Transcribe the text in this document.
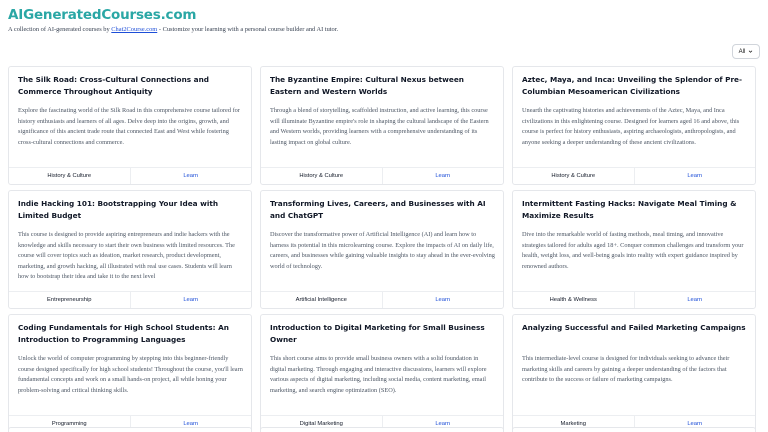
AIGeneratedCourses.com
A collection of AI-generated courses by Chat2Course.com - Customize your learning with a personal course builder and AI tutor.
All
The Silk Road: Cross-Cultural Connections and Commerce Throughout Antiquity
Explore the fascinating world of the Silk Road in this comprehensive course tailored for history enthusiasts and learners of all ages. Delve deep into the origins, growth, and significance of this ancient trade route that connected East and West while fostering cross-cultural connections and commerce.
History & Culture	Learn
The Byzantine Empire: Cultural Nexus between Eastern and Western Worlds
Through a blend of storytelling, scaffolded instruction, and active learning, this course will illuminate Byzantine empire's role in shaping the cultural landscape of the Eastern and Western worlds, providing learners with a comprehensive understanding of its lasting impact on global culture.
History & Culture	Learn
Aztec, Maya, and Inca: Unveiling the Splendor of Pre-Columbian Mesoamerican Civilizations
Unearth the captivating histories and achievements of the Aztec, Maya, and Inca civilizations in this enlightening course. Designed for learners aged 16 and above, this course is perfect for history enthusiasts, aspiring archaeologists, anthropologists, and anyone seeking a deeper understanding of these ancient civilizations.
History & Culture	Learn
Indie Hacking 101: Bootstrapping Your Idea with Limited Budget
This course is designed to provide aspiring entrepreneurs and indie hackers with the knowledge and skills necessary to start their own business with limited resources. The course will cover topics such as ideation, market research, product development, marketing, and growth hacking, all illustrated with real use cases. Students will learn how to bootstrap their idea and take it to the next level
Entrepreneurship	Learn
Transforming Lives, Careers, and Businesses with AI and ChatGPT
Discover the transformative power of Artificial Intelligence (AI) and learn how to harness its potential in this microlearning course. Explore the impacts of AI on daily life, careers, and businesses while gaining valuable insights to stay ahead in the ever-evolving world of technology.
Artificial Intelligence	Learn
Intermittent Fasting Hacks: Navigate Meal Timing & Maximize Results
Dive into the remarkable world of fasting methods, meal timing, and innovative strategies tailored for adults aged 18+. Conquer common challenges and transform your health, weight loss, and well-being goals into reality with expert guidance inspired by renowned authors.
Health & Wellness	Learn
Coding Fundamentals for High School Students: An Introduction to Programming Languages
Unlock the world of computer programming by stepping into this beginner-friendly course designed specifically for high school students! Throughout the course, you'll learn fundamental concepts and work on a small hands-on project, all while honing your problem-solving and critical thinking skills.
Programming	Learn
Introduction to Digital Marketing for Small Business Owner
This short course aims to provide small business owners with a solid foundation in digital marketing. Through engaging and interactive discussions, learners will explore various aspects of digital marketing, including social media, content marketing, email marketing, and search engine optimization (SEO).
Digital Marketing	Learn
Analyzing Successful and Failed Marketing Campaigns
This intermediate-level course is designed for individuals seeking to advance their marketing skills and careers by gaining a deeper understanding of the factors that contribute to the success or failure of marketing campaigns.
Marketing	Learn
